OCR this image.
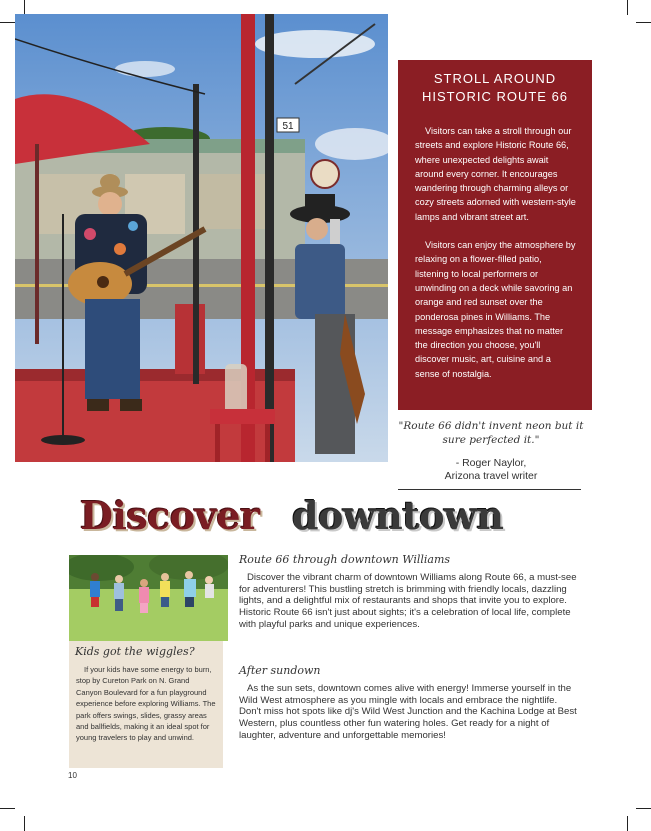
51
STROLL AROUND
HISTORIC ROUTE 66

Visitors can take a stroll through our streets and explore Historic Route 66, where unexpected delights await around every corner. It encourages wandering through charming alleys or cozy streets adorned with western-style lamps and vibrant street art.

Visitors can enjoy the atmosphere by relaxing on a flower-filled patio, listening to local performers or unwinding on a deck while savoring an orange and red sunset over the ponderosa pines in Williams. The message emphasizes that no matter the direction you choose, you'll discover music, art, cuisine and a sense of nostalgia.

"Route 66 didn't invent neon but it sure perfected it."
- Roger Naylor,
Arizona travel writer
Discover downtown
Kids got the wiggles?

If your kids have some energy to burn, stop by Cureton Park on N. Grand Canyon Boulevard for a fun playground experience before exploring Williams. The park offers swings, slides, grassy areas and ballfields, making it an ideal spot for young travelers to play and unwind.

Route 66 through downtown Williams

Discover the vibrant charm of downtown Williams along Route 66, a must-see for adventurers! This bustling stretch is brimming with friendly locals, dazzling lights, and a delightful mix of restaurants and shops that invite you to explore. Historic Route 66 isn't just about sights; it's a celebration of local life, complete with playful parks and unique experiences.

After sundown

As the sun sets, downtown comes alive with energy! Immerse yourself in the Wild West atmosphere as you mingle with locals and embrace the nightlife. Don't miss hot spots like dj's Wild West Junction and the Kachina Lodge at Best Western, plus countless other fun watering holes. Get ready for a night of laughter, adventure and unforgettable memories!

10
